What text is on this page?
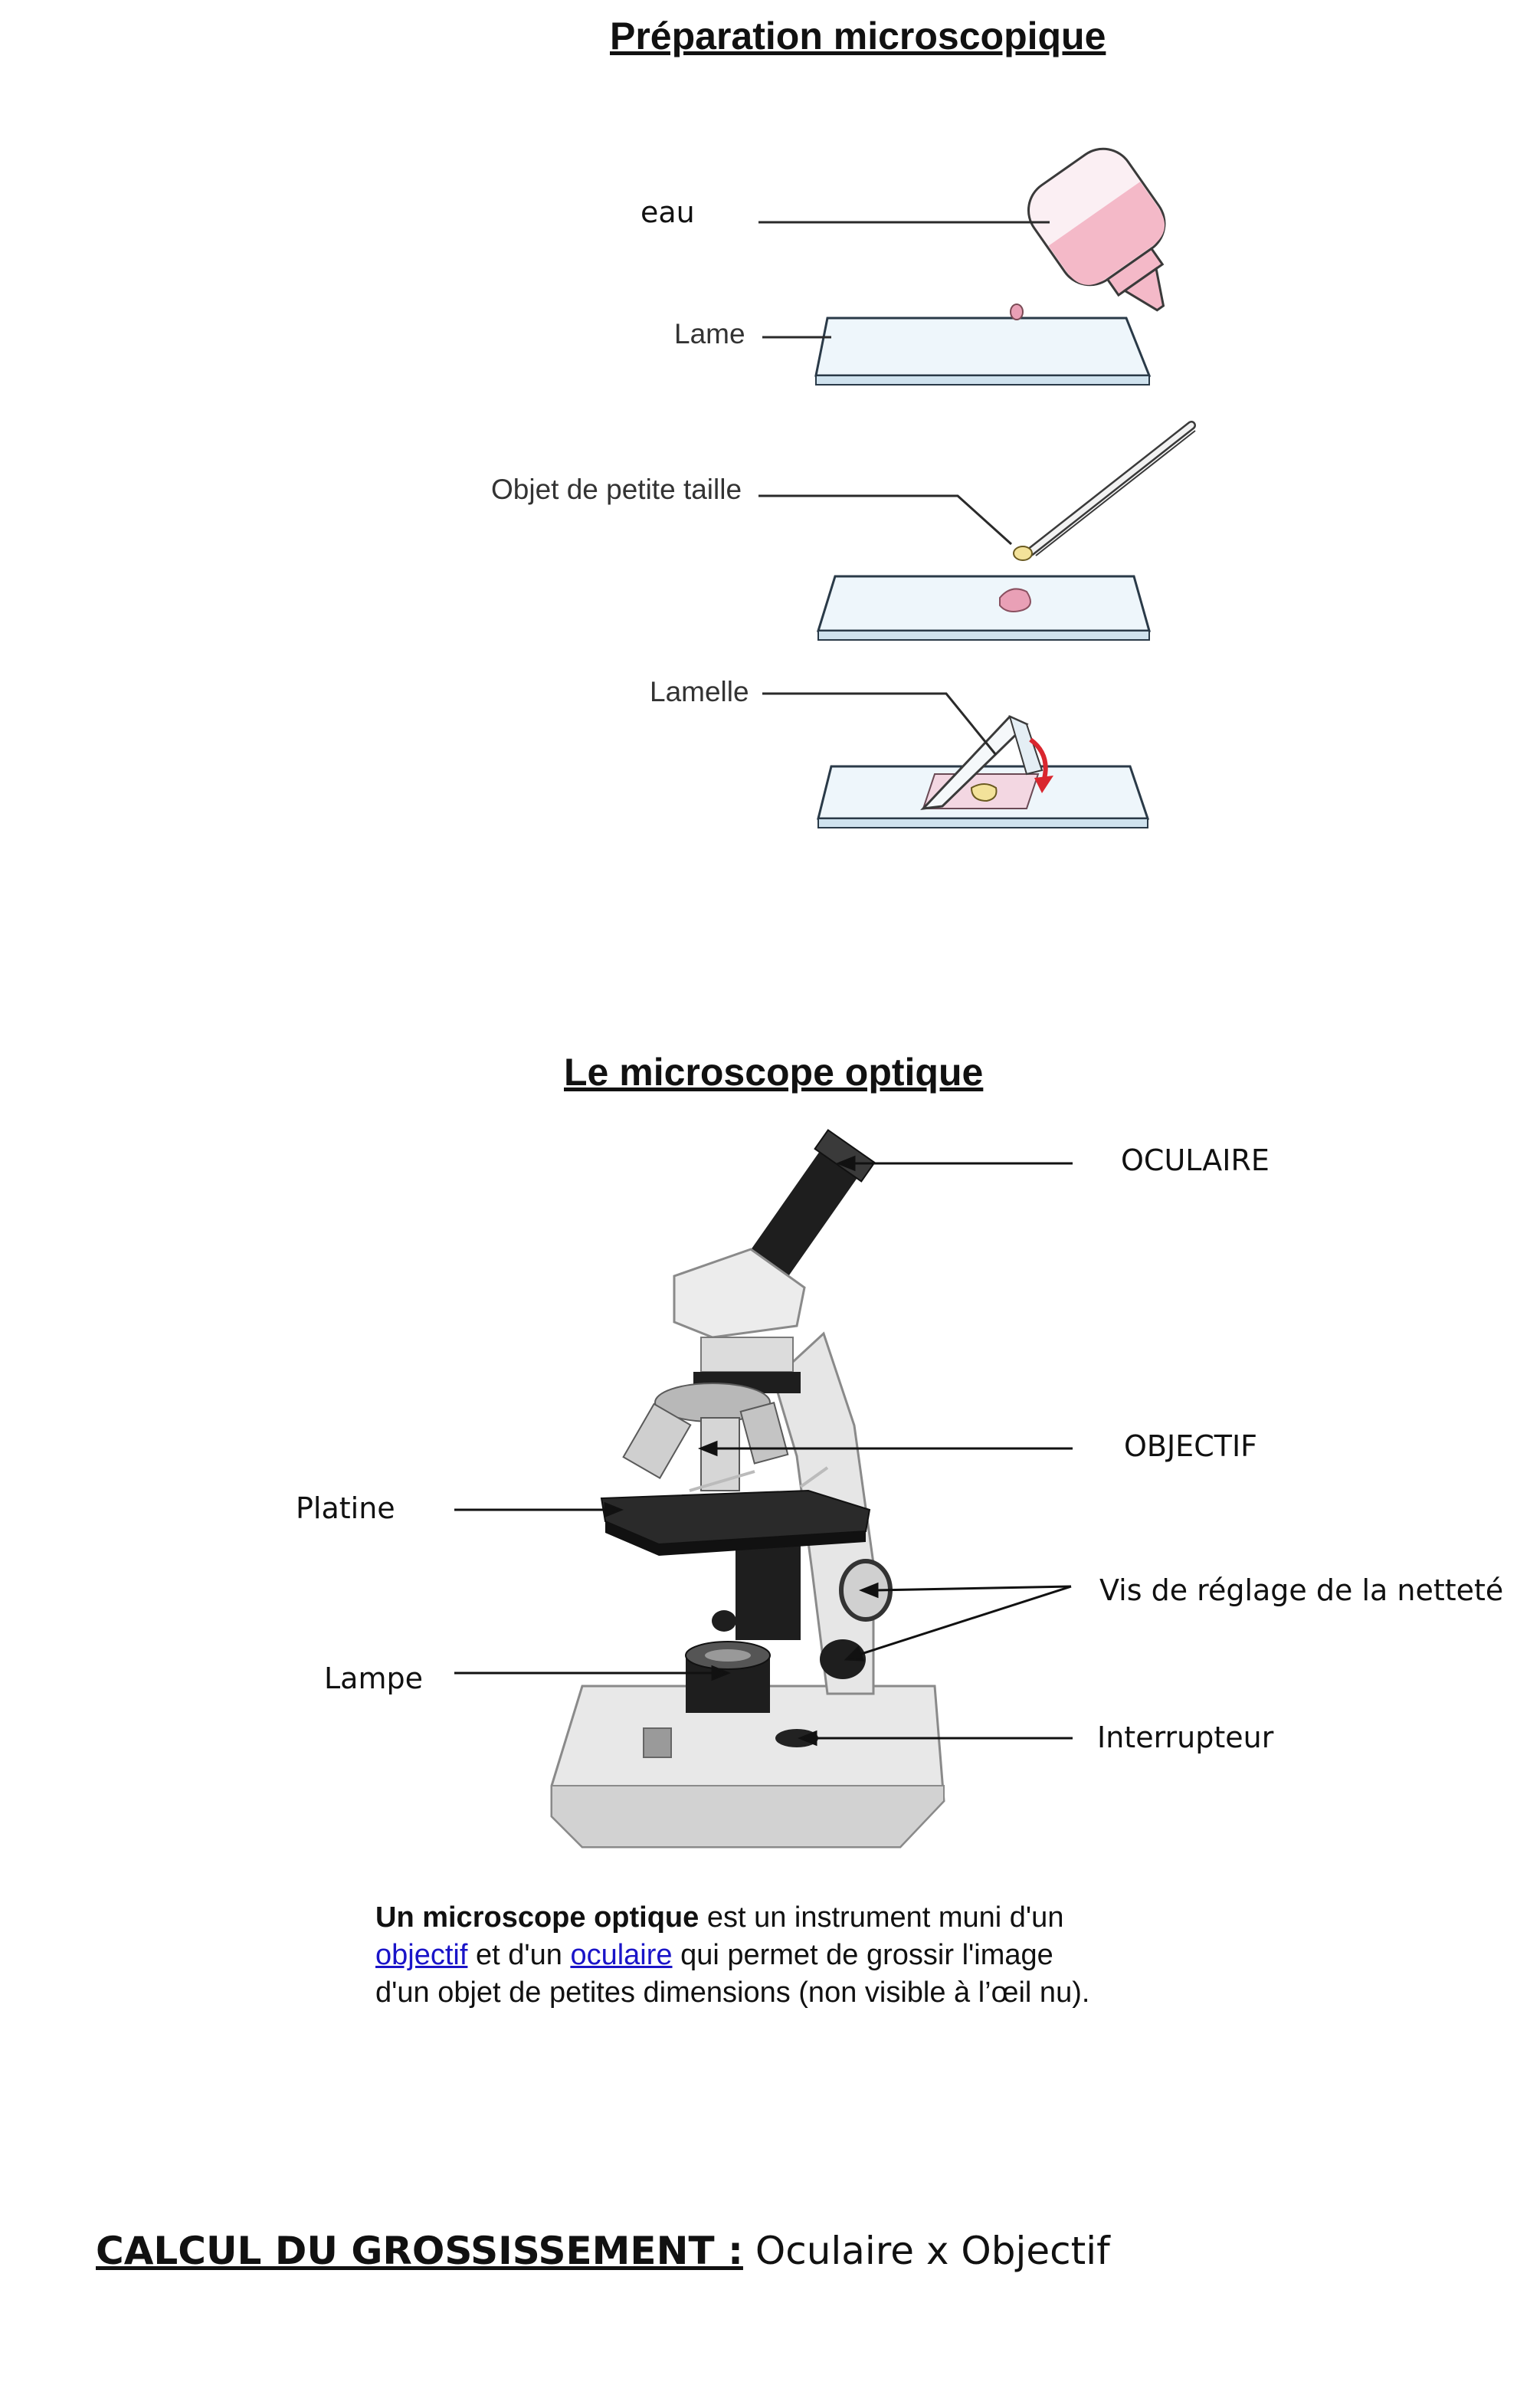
Préparation microscopique
Le microscope optique
eau
Lame
Objet de petite taille
Lamelle
OCULAIRE
OBJECTIF
Platine
Vis de réglage de la netteté
Lampe
Interrupteur
Un microscope optique est un instrument muni d'un
objectif et d'un oculaire qui permet de grossir l'image
d'un objet de petites dimensions (non visible à l’œil nu).
CALCUL DU GROSSISSEMENT : Oculaire x Objectif
